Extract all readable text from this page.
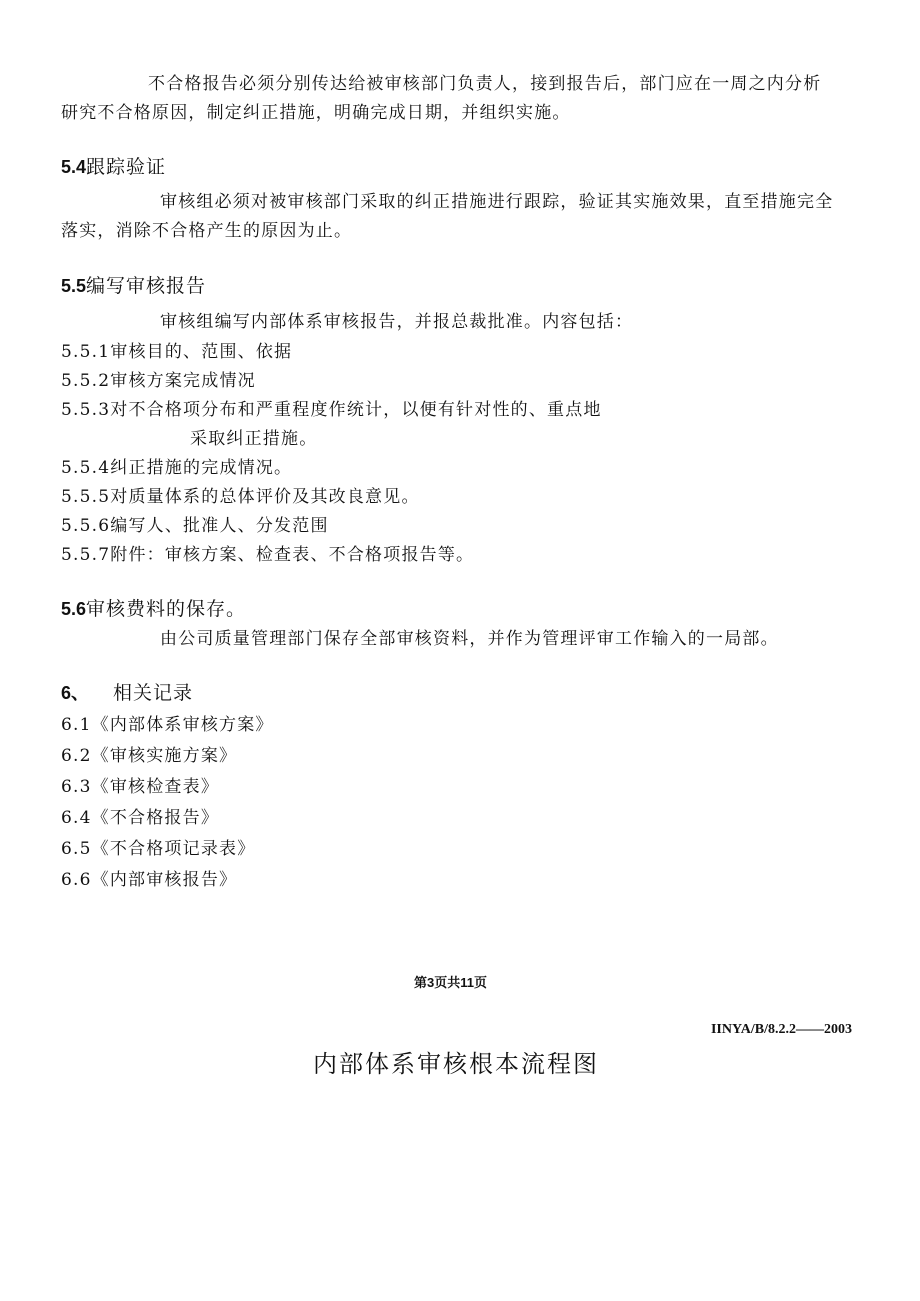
不合格报告必须分别传达给被审核部门负责人，接到报告后，部门应在一周之内分析
研究不合格原因，制定纠正措施，明确完成日期，并组织实施。
5.4跟踪验证
审核组必须对被审核部门采取的纠正措施进行跟踪，验证其实施效果，直至措施完全
落实，消除不合格产生的原因为止。
5.5编写审核报告
审核组编写内部体系审核报告，并报总裁批准。内容包括：
5.5.1审核目的、范围、依据
5.5.2审核方案完成情况
5.5.3对不合格项分布和严重程度作统计，以便有针对性的、重点地
采取纠正措施。
5.5.4纠正措施的完成情况。
5.5.5对质量体系的总体评价及其改良意见。
5.5.6编写人、批准人、分发范围
5.5.7附件：审核方案、检查表、不合格项报告等。
5.6审核费料的保存。
由公司质量管理部门保存全部审核资料，并作为管理评审工作输入的一局部。
6、 相关记录
6.1《内部体系审核方案》
6.2《审核实施方案》
6.3《审核检查表》
6.4《不合格报告》
6.5《不合格项记录表》
6.6《内部审核报告》
第3页共11页
IINYA/B/8.2.2——2003
内部体系审核根本流程图
